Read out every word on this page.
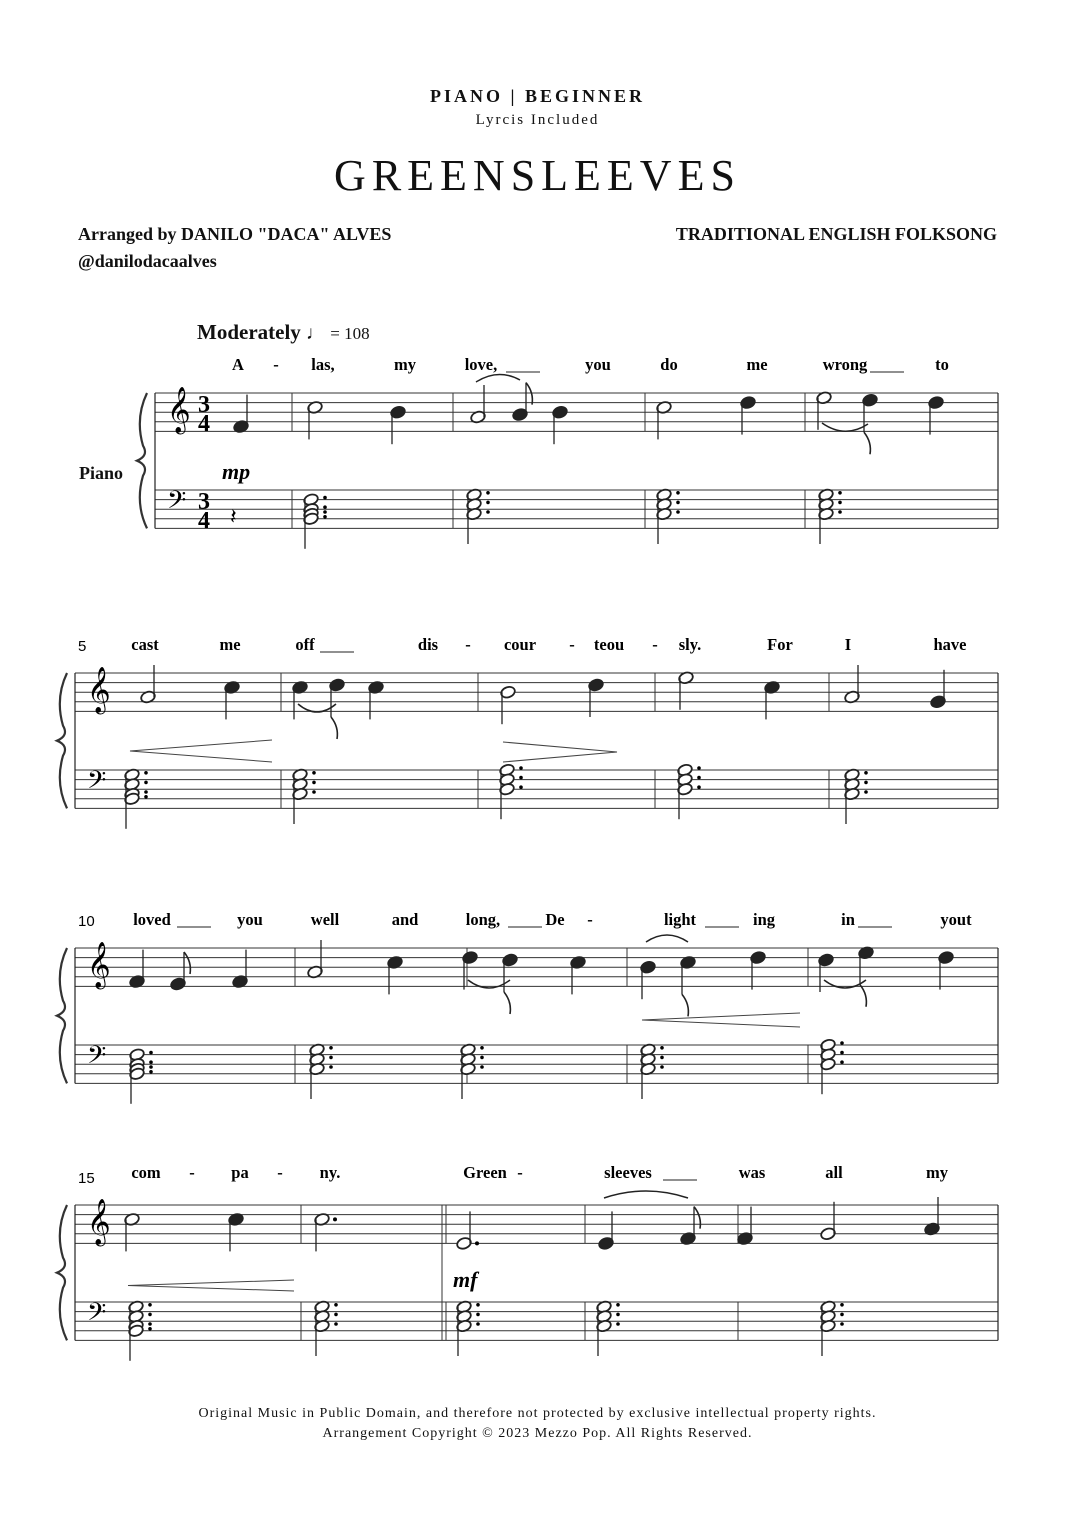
PIANO | BEGINNER
Lyrcis Included
GREENSLEEVES
Arranged by DANILO "DACA" ALVES
@danilodacaalves
TRADITIONAL ENGLISH FOLKSONG
Moderately ♩ = 108
Piano
𝄞
𝄢
3
4
3
4 𝄽
A - las,	my	love,	you	do	me	wrong	to
mp
𝄞
𝄢
5	cast	me	off	dis - cour - teou - sly.	For	I	have
𝄞
𝄢
10 loved	you	well	and	long,	De -	light	ing	in	yout
𝄞
𝄢
15 com - pa - ny.	Green -	sleeves	was	all	my
mf
Original Music in Public Domain, and therefore not protected by exclusive intellectual property rights.
Arrangement Copyright © 2023 Mezzo Pop. All Rights Reserved.
